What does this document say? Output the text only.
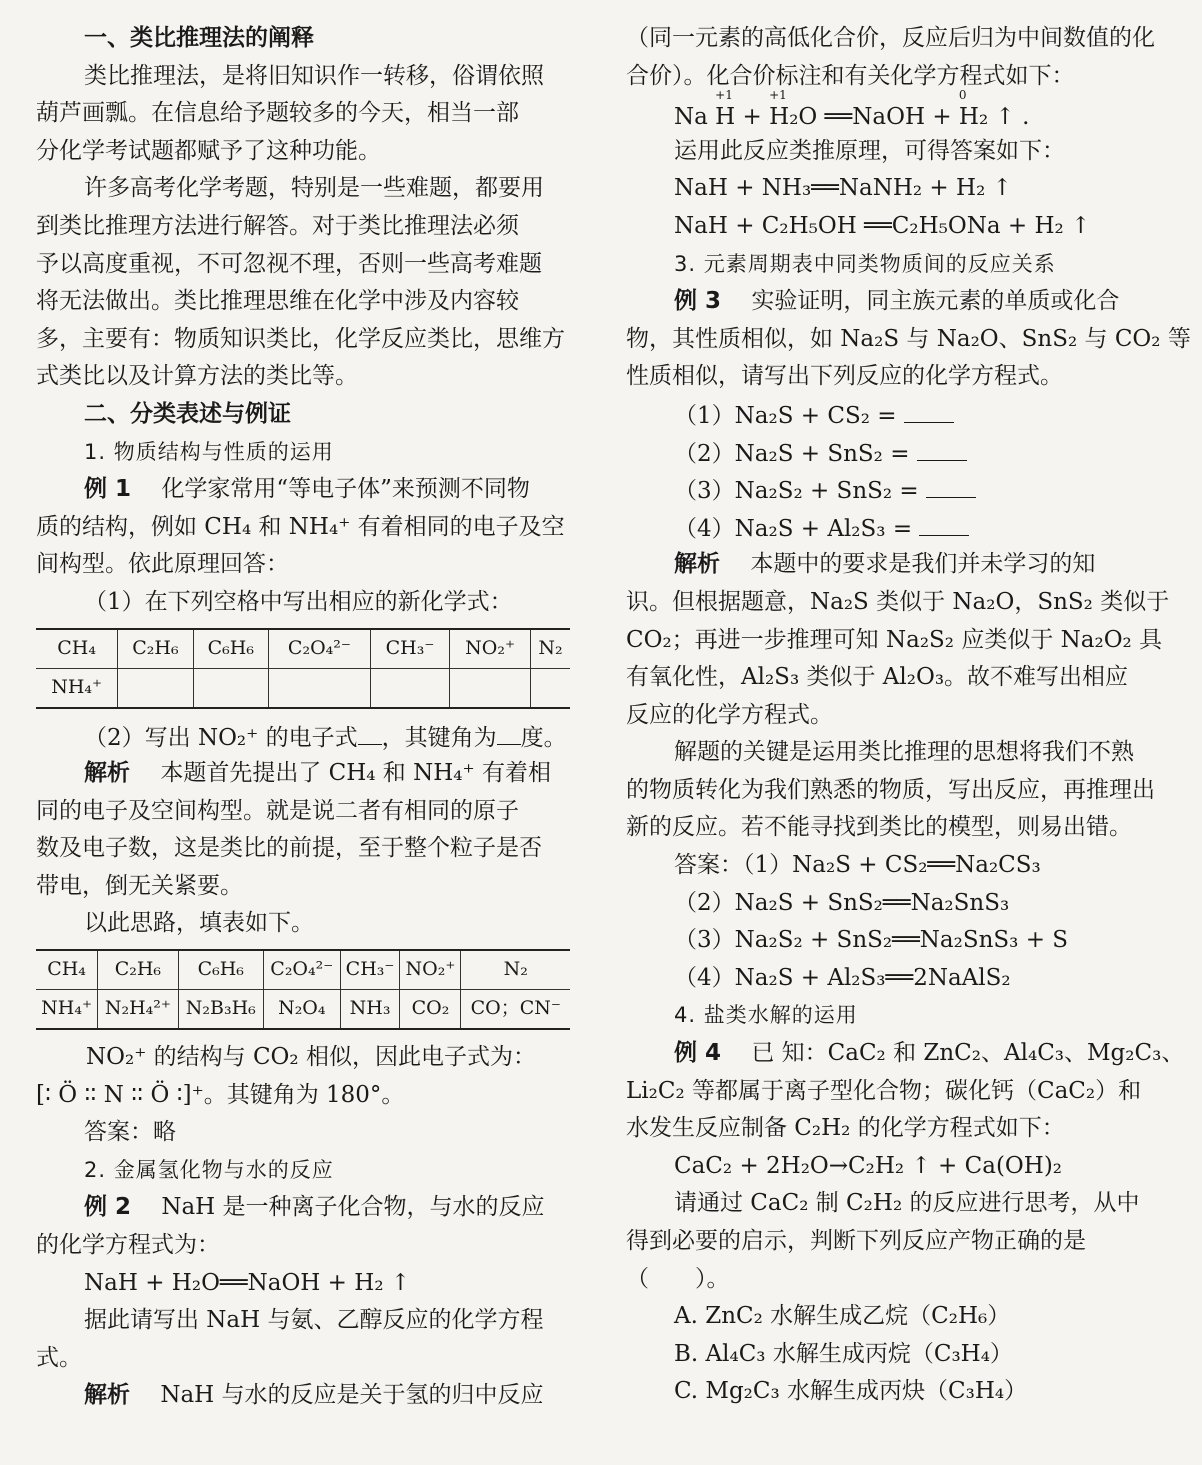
一、类比推理法的阐释
类比推理法，是将旧知识作一转移，俗谓依照
葫芦画瓢。在信息给予题较多的今天，相当一部
分化学考试题都赋予了这种功能。
许多高考化学考题，特别是一些难题，都要用
到类比推理方法进行解答。对于类比推理法必须
予以高度重视，不可忽视不理，否则一些高考难题
将无法做出。类比推理思维在化学中涉及内容较
多，主要有：物质知识类比，化学反应类比，思维方
式类比以及计算方法的类比等。
二、分类表述与例证
1. 物质结构与性质的运用
例 1　 化学家常用“等电子体”来预测不同物
质的结构，例如 CH₄ 和 NH₄⁺ 有着相同的电子及空
间构型。依此原理回答：
（1）在下列空格中写出相应的新化学式：
CH₄	C₂H₆	C₆H₆	C₂O₄²⁻	CH₃⁻	NO₂⁺	N₂
NH₄⁺						
（2）写出 NO₂⁺ 的电子式 ，其键角为 度。
解析　 本题首先提出了 CH₄ 和 NH₄⁺ 有着相
同的电子及空间构型。就是说二者有相同的原子
数及电子数，这是类比的前提，至于整个粒子是否
带电，倒无关紧要。
以此思路，填表如下。
CH₄	C₂H₆	C₆H₆	C₂O₄²⁻	CH₃⁻	NO₂⁺	N₂
NH₄⁺	N₂H₄²⁺	N₂B₃H₆	N₂O₄	NH₃	CO₂	CO；CN⁻
NO₂⁺ 的结构与 CO₂ 相似，因此电子式为：
[∶ Ö ∶∶ N ∶∶ Ö ∶]⁺。其键角为 180°。
答案：略
2. 金属氢化物与水的反应
例 2　 NaH 是一种离子化合物，与水的反应
的化学方程式为：
NaH + H₂O══NaOH + H₂ ↑
据此请写出 NaH 与氨、乙醇反应的化学方程
式。
解析　 NaH 与水的反应是关于氢的归中反应
（同一元素的高低化合价，反应后归为中间数值的化
合价）。化合价标注和有关化学方程式如下：
Na
+1
H +
+1
H₂O ══NaOH +
0
H₂ ↑ .
运用此反应类推原理，可得答案如下：
NaH + NH₃══NaNH₂ + H₂ ↑
NaH + C₂H₅OH ══C₂H₅ONa + H₂ ↑
3. 元素周期表中同类物质间的反应关系
例 3　 实验证明，同主族元素的单质或化合
物，其性质相似，如 Na₂S 与 Na₂O、SnS₂ 与 CO₂ 等
性质相似，请写出下列反应的化学方程式。
（1）Na₂S + CS₂ =
（2）Na₂S + SnS₂ =
（3）Na₂S₂ + SnS₂ =
（4）Na₂S + Al₂S₃ =
解析　 本题中的要求是我们并未学习的知
识。但根据题意，Na₂S 类似于 Na₂O，SnS₂ 类似于
CO₂；再进一步推理可知 Na₂S₂ 应类似于 Na₂O₂ 具
有氧化性，Al₂S₃ 类似于 Al₂O₃。故不难写出相应
反应的化学方程式。
解题的关键是运用类比推理的思想将我们不熟
的物质转化为我们熟悉的物质，写出反应，再推理出
新的反应。若不能寻找到类比的模型，则易出错。
答案：（1）Na₂S + CS₂══Na₂CS₃
（2）Na₂S + SnS₂══Na₂SnS₃
（3）Na₂S₂ + SnS₂══Na₂SnS₃ + S
（4）Na₂S + Al₂S₃══2NaAlS₂
4. 盐类水解的运用
例 4　 已 知：CaC₂ 和 ZnC₂、Al₄C₃、Mg₂C₃、
Li₂C₂ 等都属于离子型化合物；碳化钙（CaC₂）和
水发生反应制备 C₂H₂ 的化学方程式如下：
CaC₂ + 2H₂O→C₂H₂ ↑ + Ca(OH)₂
请通过 CaC₂ 制 C₂H₂ 的反应进行思考，从中
得到必要的启示，判断下列反应产物正确的是
（　　）。
A. ZnC₂ 水解生成乙烷（C₂H₆）
B. Al₄C₃ 水解生成丙烷（C₃H₄）
C. Mg₂C₃ 水解生成丙炔（C₃H₄）
